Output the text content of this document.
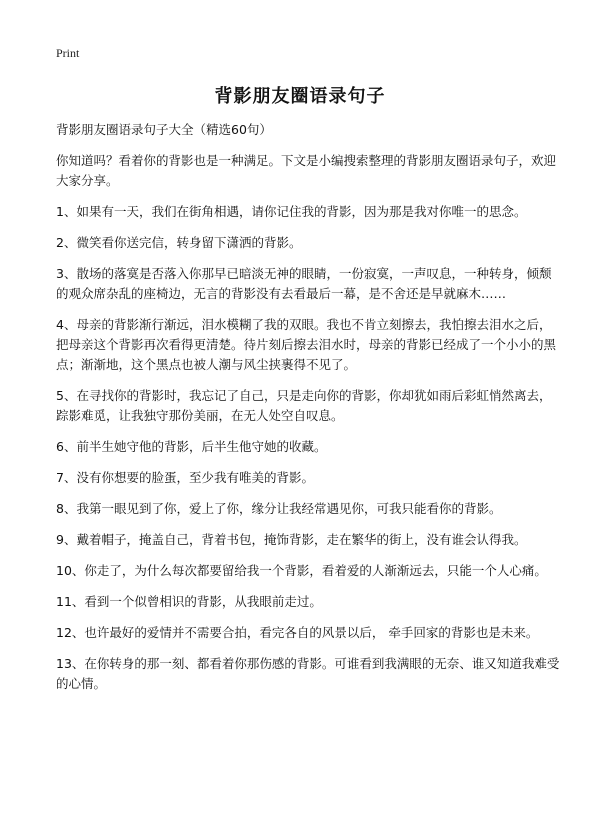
Print
背影朋友圈语录句子

背影朋友圈语录句子大全（精选60句）

你知道吗？看着你的背影也是一种满足。下文是小编搜索整理的背影朋友圈语录句子，欢迎大家分享。

1、如果有一天，我们在街角相遇，请你记住我的背影，因为那是我对你唯一的思念。

2、微笑看你送完信，转身留下潇洒的背影。

3、散场的落寞是否落入你那早已暗淡无神的眼睛，一份寂寞，一声叹息，一种转身，倾颓的观众席杂乱的座椅边，无言的背影没有去看最后一幕，是不舍还是早就麻木……

4、母亲的背影渐行渐远，泪水模糊了我的双眼。我也不肯立刻擦去，我怕擦去泪水之后，把母亲这个背影再次看得更清楚。待片刻后擦去泪水时，母亲的背影已经成了一个小小的黑点；渐渐地，这个黑点也被人潮与风尘挟裹得不见了。

5、在寻找你的背影时，我忘记了自己，只是走向你的背影，你却犹如雨后彩虹悄然离去，踪影难觅，让我独守那份美丽，在无人处空自叹息。

6、前半生她守他的背影，后半生他守她的收藏。

7、没有你想要的脸蛋，至少我有唯美的背影。

8、我第一眼见到了你，爱上了你，缘分让我经常遇见你，可我只能看你的背影。

9、戴着帽子，掩盖自己，背着书包，掩饰背影，走在繁华的街上，没有谁会认得我。

10、你走了，为什么每次都要留给我一个背影，看着爱的人渐渐远去，只能一个人心痛。

11、看到一个似曾相识的背影，从我眼前走过。

12、也许最好的爱情并不需要合拍，看完各自的风景以后， 牵手回家的背影也是未来。

13、在你转身的那一刻、都看着你那伤感的背影。可谁看到我满眼的无奈、谁又知道我难受的心情。
